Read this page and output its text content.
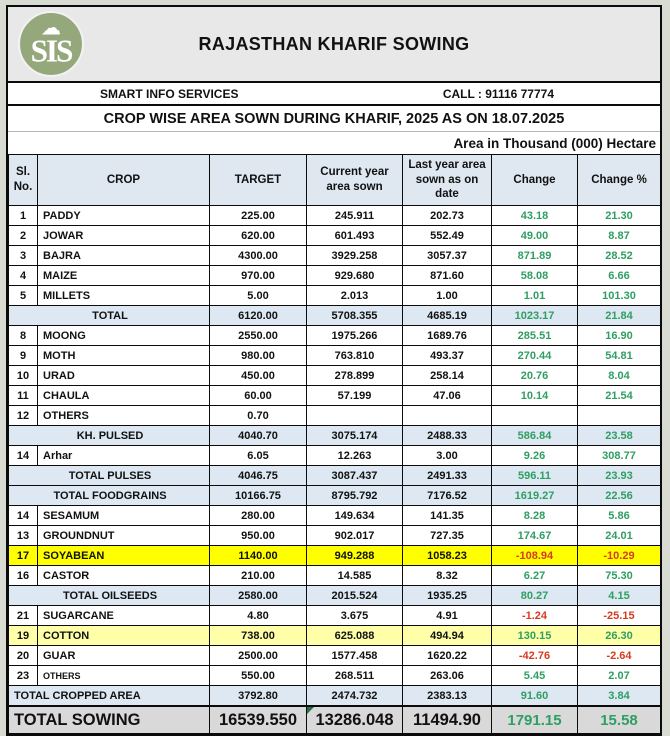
☁
SIS	RAJASTHAN KHARIF SOWING
SMART INFO SERVICES	CALL : 91116 77774
CROP WISE AREA SOWN DURING KHARIF, 2025 AS ON 18.07.2025
Area in Thousand (000) Hectare
Sl. No.	CROP	TARGET	Current year area sown	Last year area sown as on date	Change	Change %
1	PADDY	225.00	245.911	202.73	43.18	21.30
2	JOWAR	620.00	601.493	552.49	49.00	8.87
3	BAJRA	4300.00	3929.258	3057.37	871.89	28.52
4	MAIZE	970.00	929.680	871.60	58.08	6.66
5	MILLETS	5.00	2.013	1.00	1.01	101.30
TOTAL		6120.00	5708.355	4685.19	1023.17	21.84
8	MOONG	2550.00	1975.266	1689.76	285.51	16.90
9	MOTH	980.00	763.810	493.37	270.44	54.81
10	URAD	450.00	278.899	258.14	20.76	8.04
11	CHAULA	60.00	57.199	47.06	10.14	21.54
12	OTHERS	0.70				
KH. PULSED		4040.70	3075.174	2488.33	586.84	23.58
14	Arhar	6.05	12.263	3.00	9.26	308.77
TOTAL PULSES		4046.75	3087.437	2491.33	596.11	23.93
TOTAL FOODGRAINS		10166.75	8795.792	7176.52	1619.27	22.56
14	SESAMUM	280.00	149.634	141.35	8.28	5.86
13	GROUNDNUT	950.00	902.017	727.35	174.67	24.01
17	SOYABEAN	1140.00	949.288	1058.23	-108.94	-10.29
16	CASTOR	210.00	14.585	8.32	6.27	75.30
TOTAL OILSEEDS		2580.00	2015.524	1935.25	80.27	4.15
21	SUGARCANE	4.80	3.675	4.91	-1.24	-25.15
19	COTTON	738.00	625.088	494.94	130.15	26.30
20	GUAR	2500.00	1577.458	1620.22	-42.76	-2.64
23	OTHERS	550.00	268.511	263.06	5.45	2.07
TOTAL CROPPED AREA		3792.80	2474.732	2383.13	91.60	3.84
TOTAL SOWING		16539.550	13286.048	11494.90	1791.15	15.58
